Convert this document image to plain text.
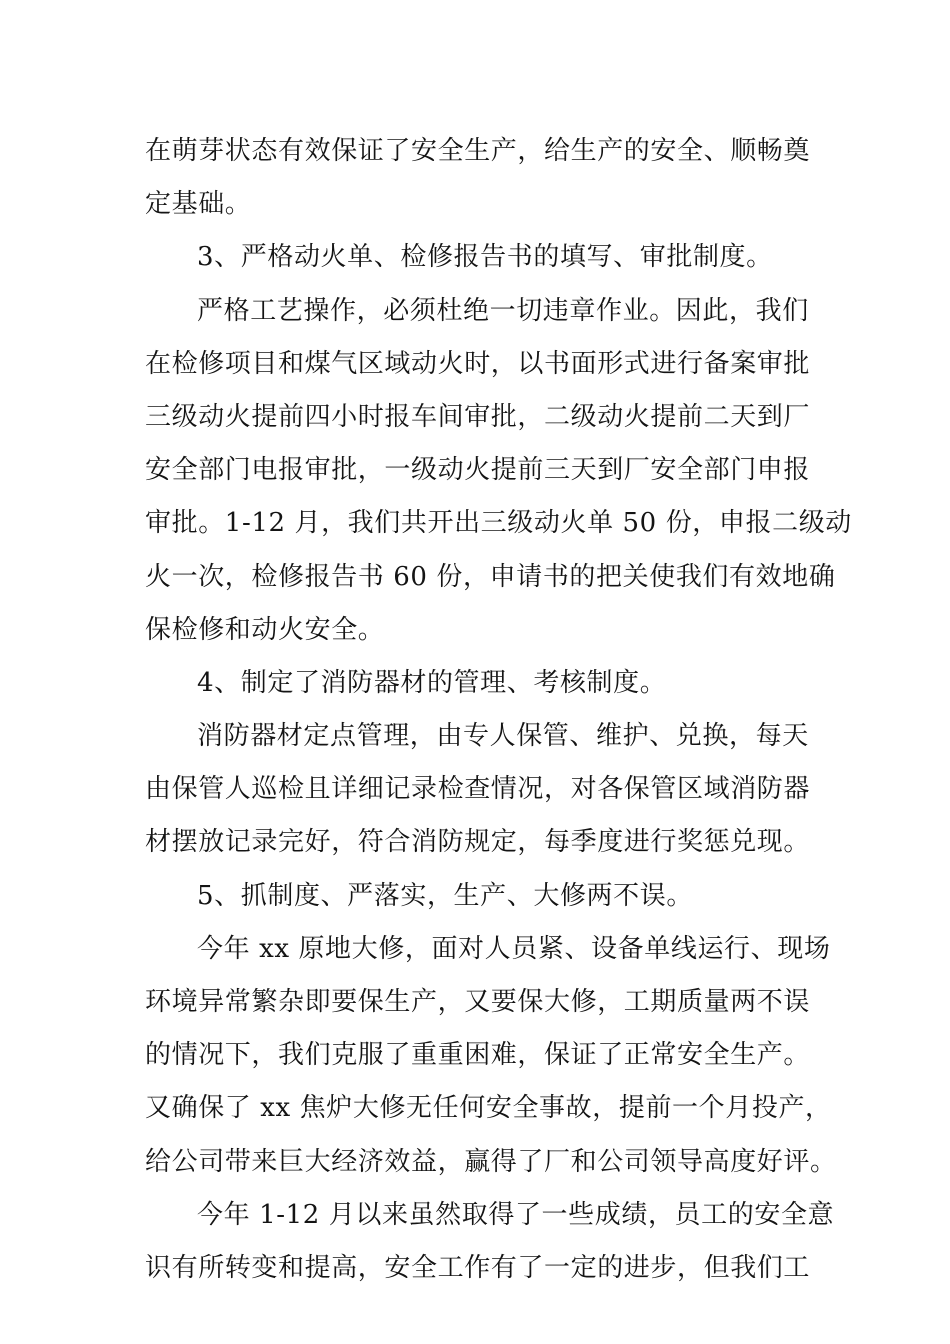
在萌芽状态有效保证了安全生产，给生产的安全、顺畅奠
定基础。
3、严格动火单、检修报告书的填写、审批制度。
严格工艺操作，必须杜绝一切违章作业。因此，我们
在检修项目和煤气区域动火时，以书面形式进行备案审批
三级动火提前四小时报车间审批，二级动火提前二天到厂
安全部门电报审批，一级动火提前三天到厂安全部门申报
审批。1-12 月，我们共开出三级动火单 50 份，申报二级动
火一次，检修报告书 60 份，申请书的把关使我们有效地确
保检修和动火安全。
4、制定了消防器材的管理、考核制度。
消防器材定点管理，由专人保管、维护、兑换，每天
由保管人巡检且详细记录检查情况，对各保管区域消防器
材摆放记录完好，符合消防规定，每季度进行奖惩兑现。
5、抓制度、严落实，生产、大修两不误。
今年 xx 原地大修，面对人员紧、设备单线运行、现场
环境异常繁杂即要保生产，又要保大修，工期质量两不误
的情况下，我们克服了重重困难，保证了正常安全生产。
又确保了 xx 焦炉大修无任何安全事故，提前一个月投产，
给公司带来巨大经济效益，赢得了厂和公司领导高度好评。
今年 1-12 月以来虽然取得了一些成绩，员工的安全意
识有所转变和提高，安全工作有了一定的进步，但我们工
